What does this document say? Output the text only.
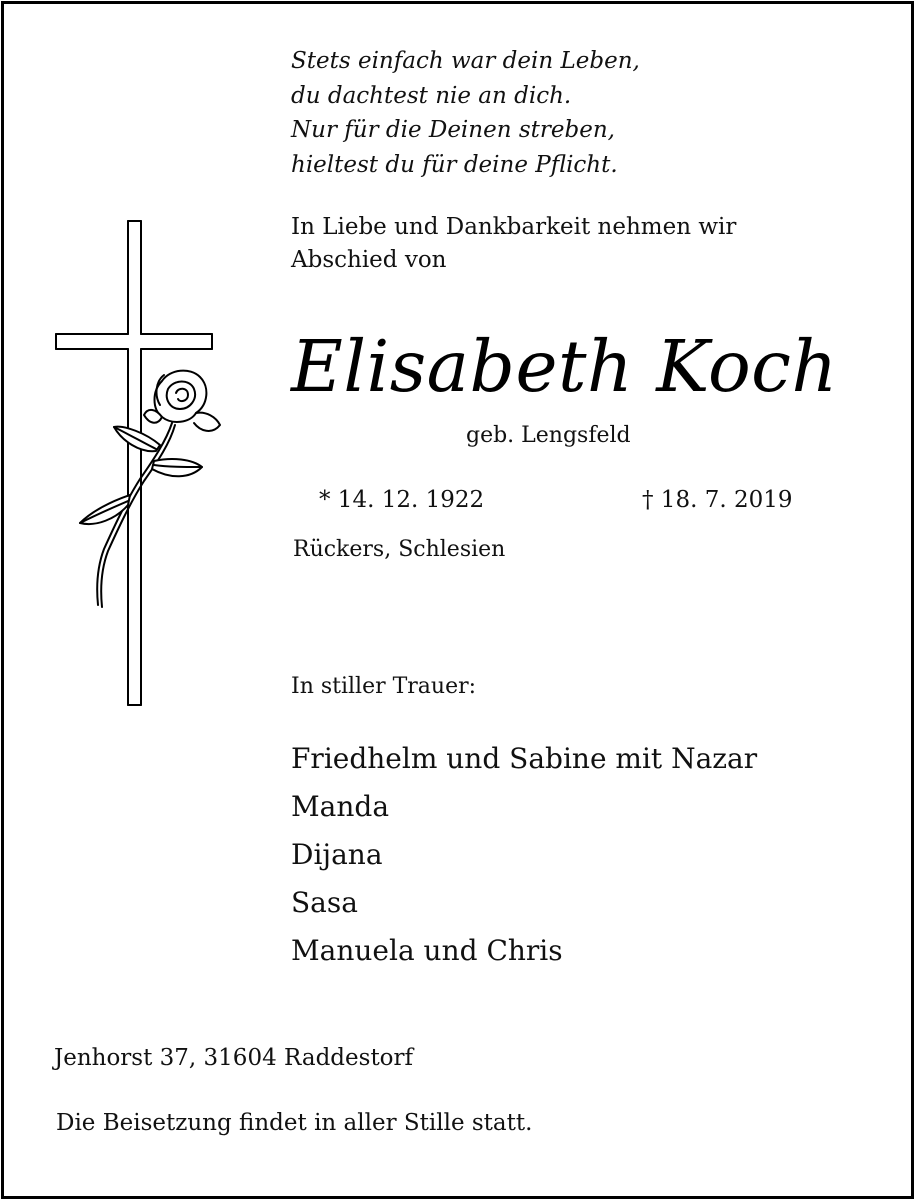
Stets einfach war dein Leben,
du dachtest nie an dich.
Nur für die Deinen streben,
hieltest du für deine Pflicht.
In Liebe und Dankbarkeit nehmen wir
Abschied von
Elisabeth Koch
geb. Lengsfeld
* 14. 12. 1922	† 18. 7. 2019
Rückers, Schlesien
In stiller Trauer:
Friedhelm und Sabine mit Nazar
Manda
Dijana
Sasa
Manuela und Chris
Jenhorst 37, 31604 Raddestorf
Die Beisetzung findet in aller Stille statt.
